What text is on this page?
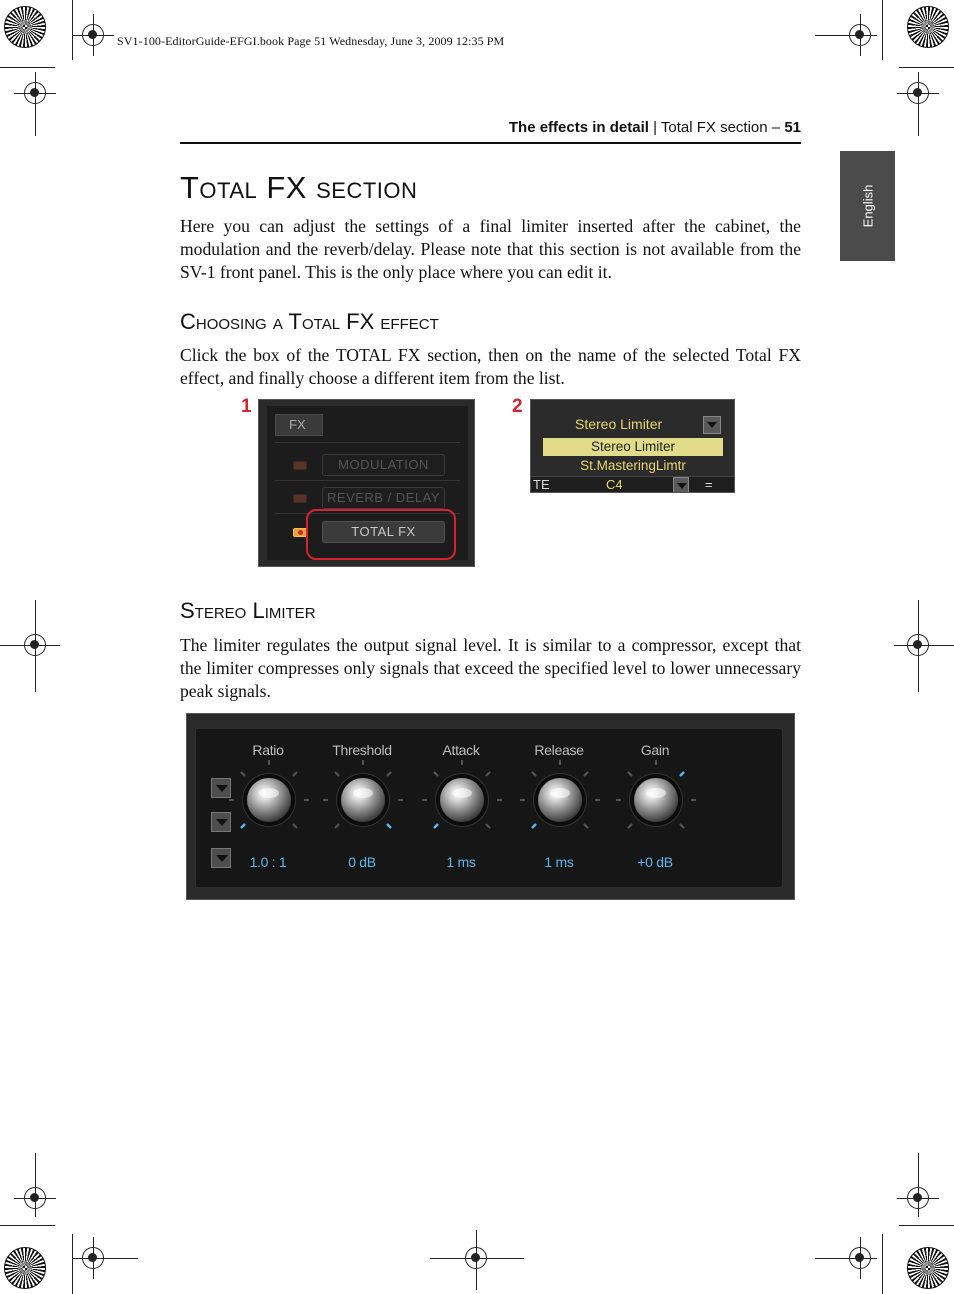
SV1-100-EditorGuide-EFGI.book Page 51 Wednesday, June 3, 2009 12:35 PM
The effects in detail | Total FX section – 51
English
Total FX section

Here you can adjust the settings of a final limiter inserted after the cabinet, the modulation and the reverb/delay. Please note that this section is not available from the SV-1 front panel. This is the only place where you can edit it.

Choosing a Total FX effect

Click the box of the TOTAL FX section, then on the name of the selected Total FX effect, and finally choose a different item from the list.

1
FX
MODULATION
REVERB / DELAY
TOTAL FX
2
Stereo Limiter
Stereo Limiter
St.MasteringLimtr
TE	C4	=
Stereo Limiter

The limiter regulates the output signal level. It is similar to a compressor, except that the limiter compresses only signals that exceed the specified level to lower unnecessary peak signals.

Ratio
1.0 : 1
Threshold
0 dB
Attack
1 ms
Release
1 ms
Gain
+0 dB
